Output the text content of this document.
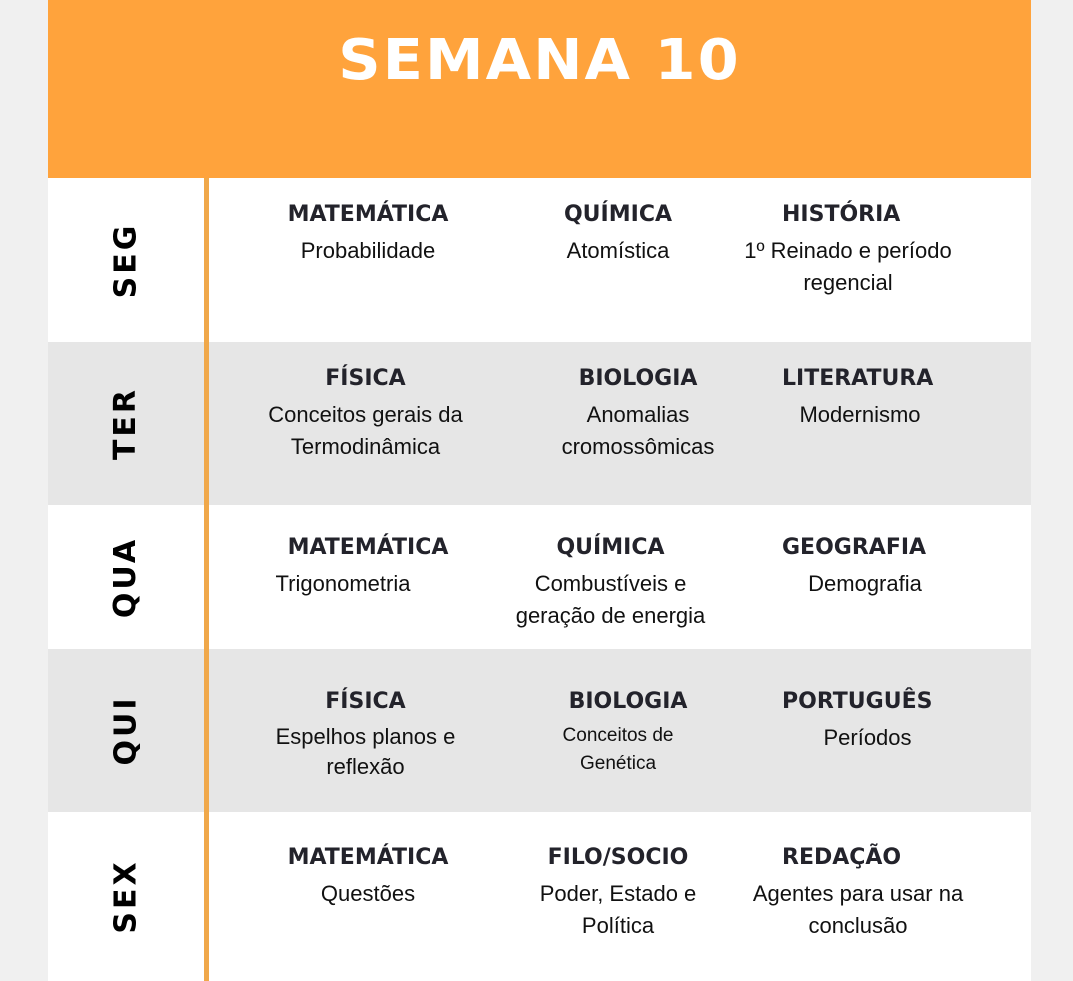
SEMANA 10
SEG
MATEMÁTICA
Probabilidade
QUÍMICA
Atomística
HISTÓRIA
1º Reinado e período regencial
TER
FÍSICA
Conceitos gerais da Termodinâmica
BIOLOGIA
Anomalias cromossômicas
LITERATURA
Modernismo
QUA	MATEMÁTICA
Trigonometria
QUÍMICA
Combustíveis e geração de energia
GEOGRAFIA
Demografia
QUI	FÍSICA
Espelhos planos e reflexão
BIOLOGIA
Conceitos de Genética
PORTUGUÊS
Períodos
SEX
MATEMÁTICA
Questões
FILO/SOCIO
Poder, Estado e Política
REDAÇÃO
Agentes para usar na conclusão
